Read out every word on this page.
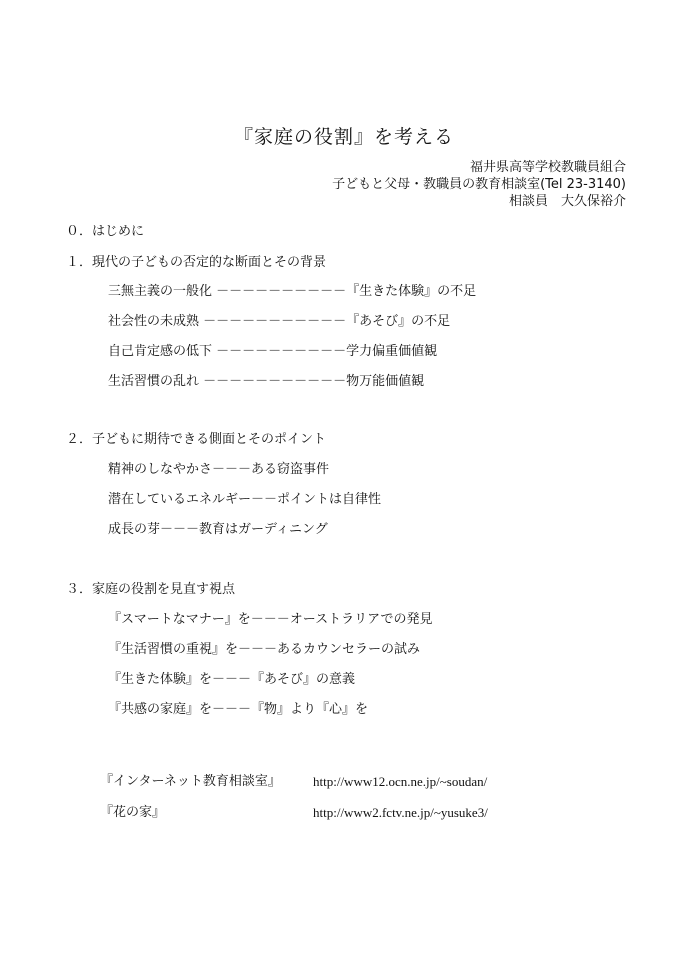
『家庭の役割』を考える
福井県高等学校教職員組合
子どもと父母・教職員の教育相談室(Tel 23-3140)
相談員　大久保裕介
０．はじめに
１．現代の子どもの否定的な断面とその背景
三無主義の一般化 －－－－－－－－－－『生きた体験』の不足
社会性の未成熟 －－－－－－－－－－－『あそび』の不足
自己肯定感の低下 －－－－－－－－－－学力偏重価値観
生活習慣の乱れ －－－－－－－－－－－物万能価値観
２．子どもに期待できる側面とそのポイント
精神のしなやかさ－－－ある窃盗事件
潜在しているエネルギー－－ポイントは自律性
成長の芽－－－教育はガーディニング
３．家庭の役割を見直す視点
『スマートなマナー』を－－－オーストラリアでの発見
『生活習慣の重視』を－－－あるカウンセラーの試み
『生きた体験』を－－－『あそび』の意義
『共感の家庭』を－－－『物』より『心』を
『インターネット教育相談室』 http://www12.ocn.ne.jp/~soudan/
『花の家』	http://www2.fctv.ne.jp/~yusuke3/
